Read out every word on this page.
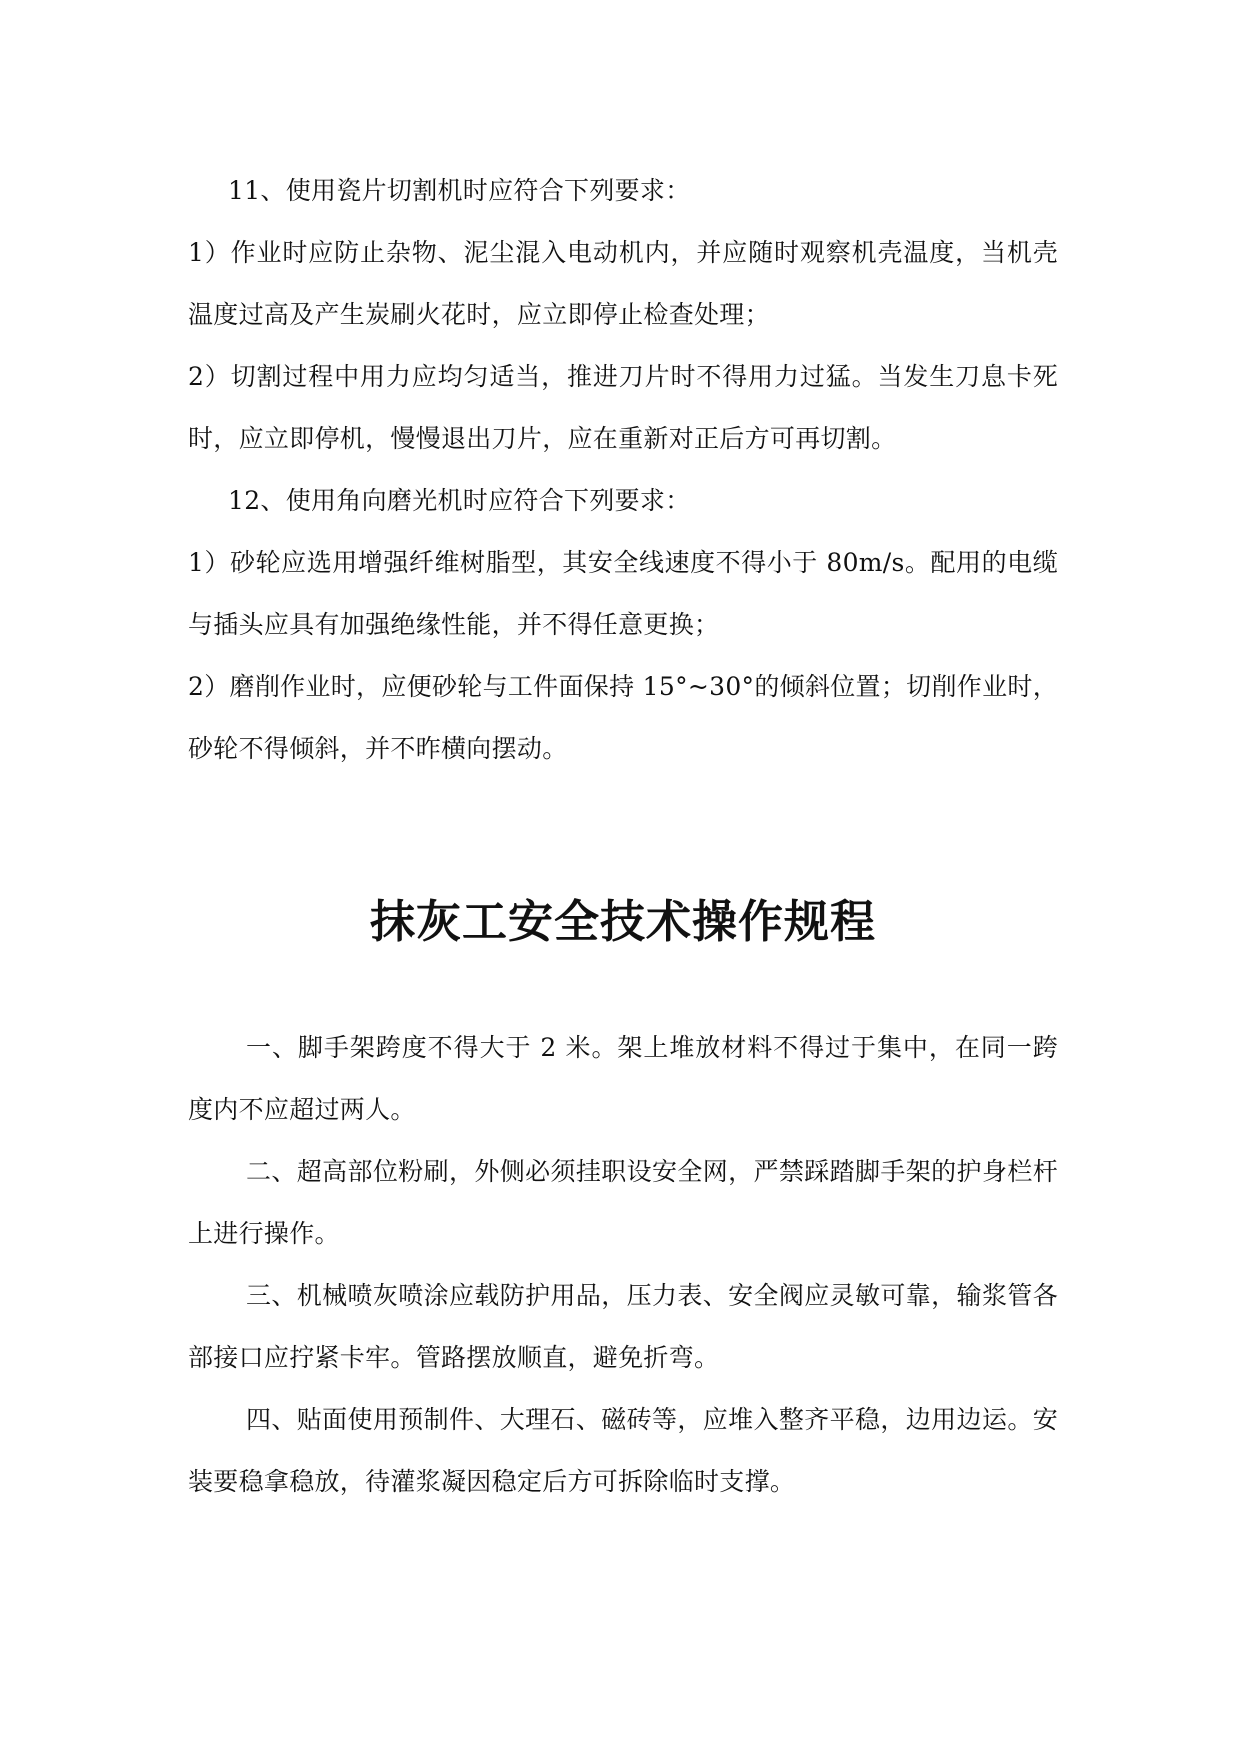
11、使用瓷片切割机时应符合下列要求：

1）作业时应防止杂物、泥尘混入电动机内，并应随时观察机壳温度，当机壳温度过高及产生炭刷火花时，应立即停止检查处理；

2）切割过程中用力应均匀适当，推进刀片时不得用力过猛。当发生刀息卡死时，应立即停机，慢慢退出刀片，应在重新对正后方可再切割。

12、使用角向磨光机时应符合下列要求：

1）砂轮应选用增强纤维树脂型，其安全线速度不得小于 80m/s。配用的电缆与插头应具有加强绝缘性能，并不得任意更换；

2）磨削作业时，应便砂轮与工件面保持 15°~30°的倾斜位置；切削作业时，砂轮不得倾斜，并不昨横向摆动。

抹灰工安全技术操作规程

一、脚手架跨度不得大于 2 米。架上堆放材料不得过于集中，在同一跨度内不应超过两人。

二、超高部位粉刷，外侧必须挂职设安全网，严禁踩踏脚手架的护身栏杆上进行操作。

三、机械喷灰喷涂应载防护用品，压力表、安全阀应灵敏可靠，输浆管各部接口应拧紧卡牢。管路摆放顺直，避免折弯。

四、贴面使用预制件、大理石、磁砖等，应堆入整齐平稳，边用边运。安装要稳拿稳放，待灌浆凝因稳定后方可拆除临时支撑。
